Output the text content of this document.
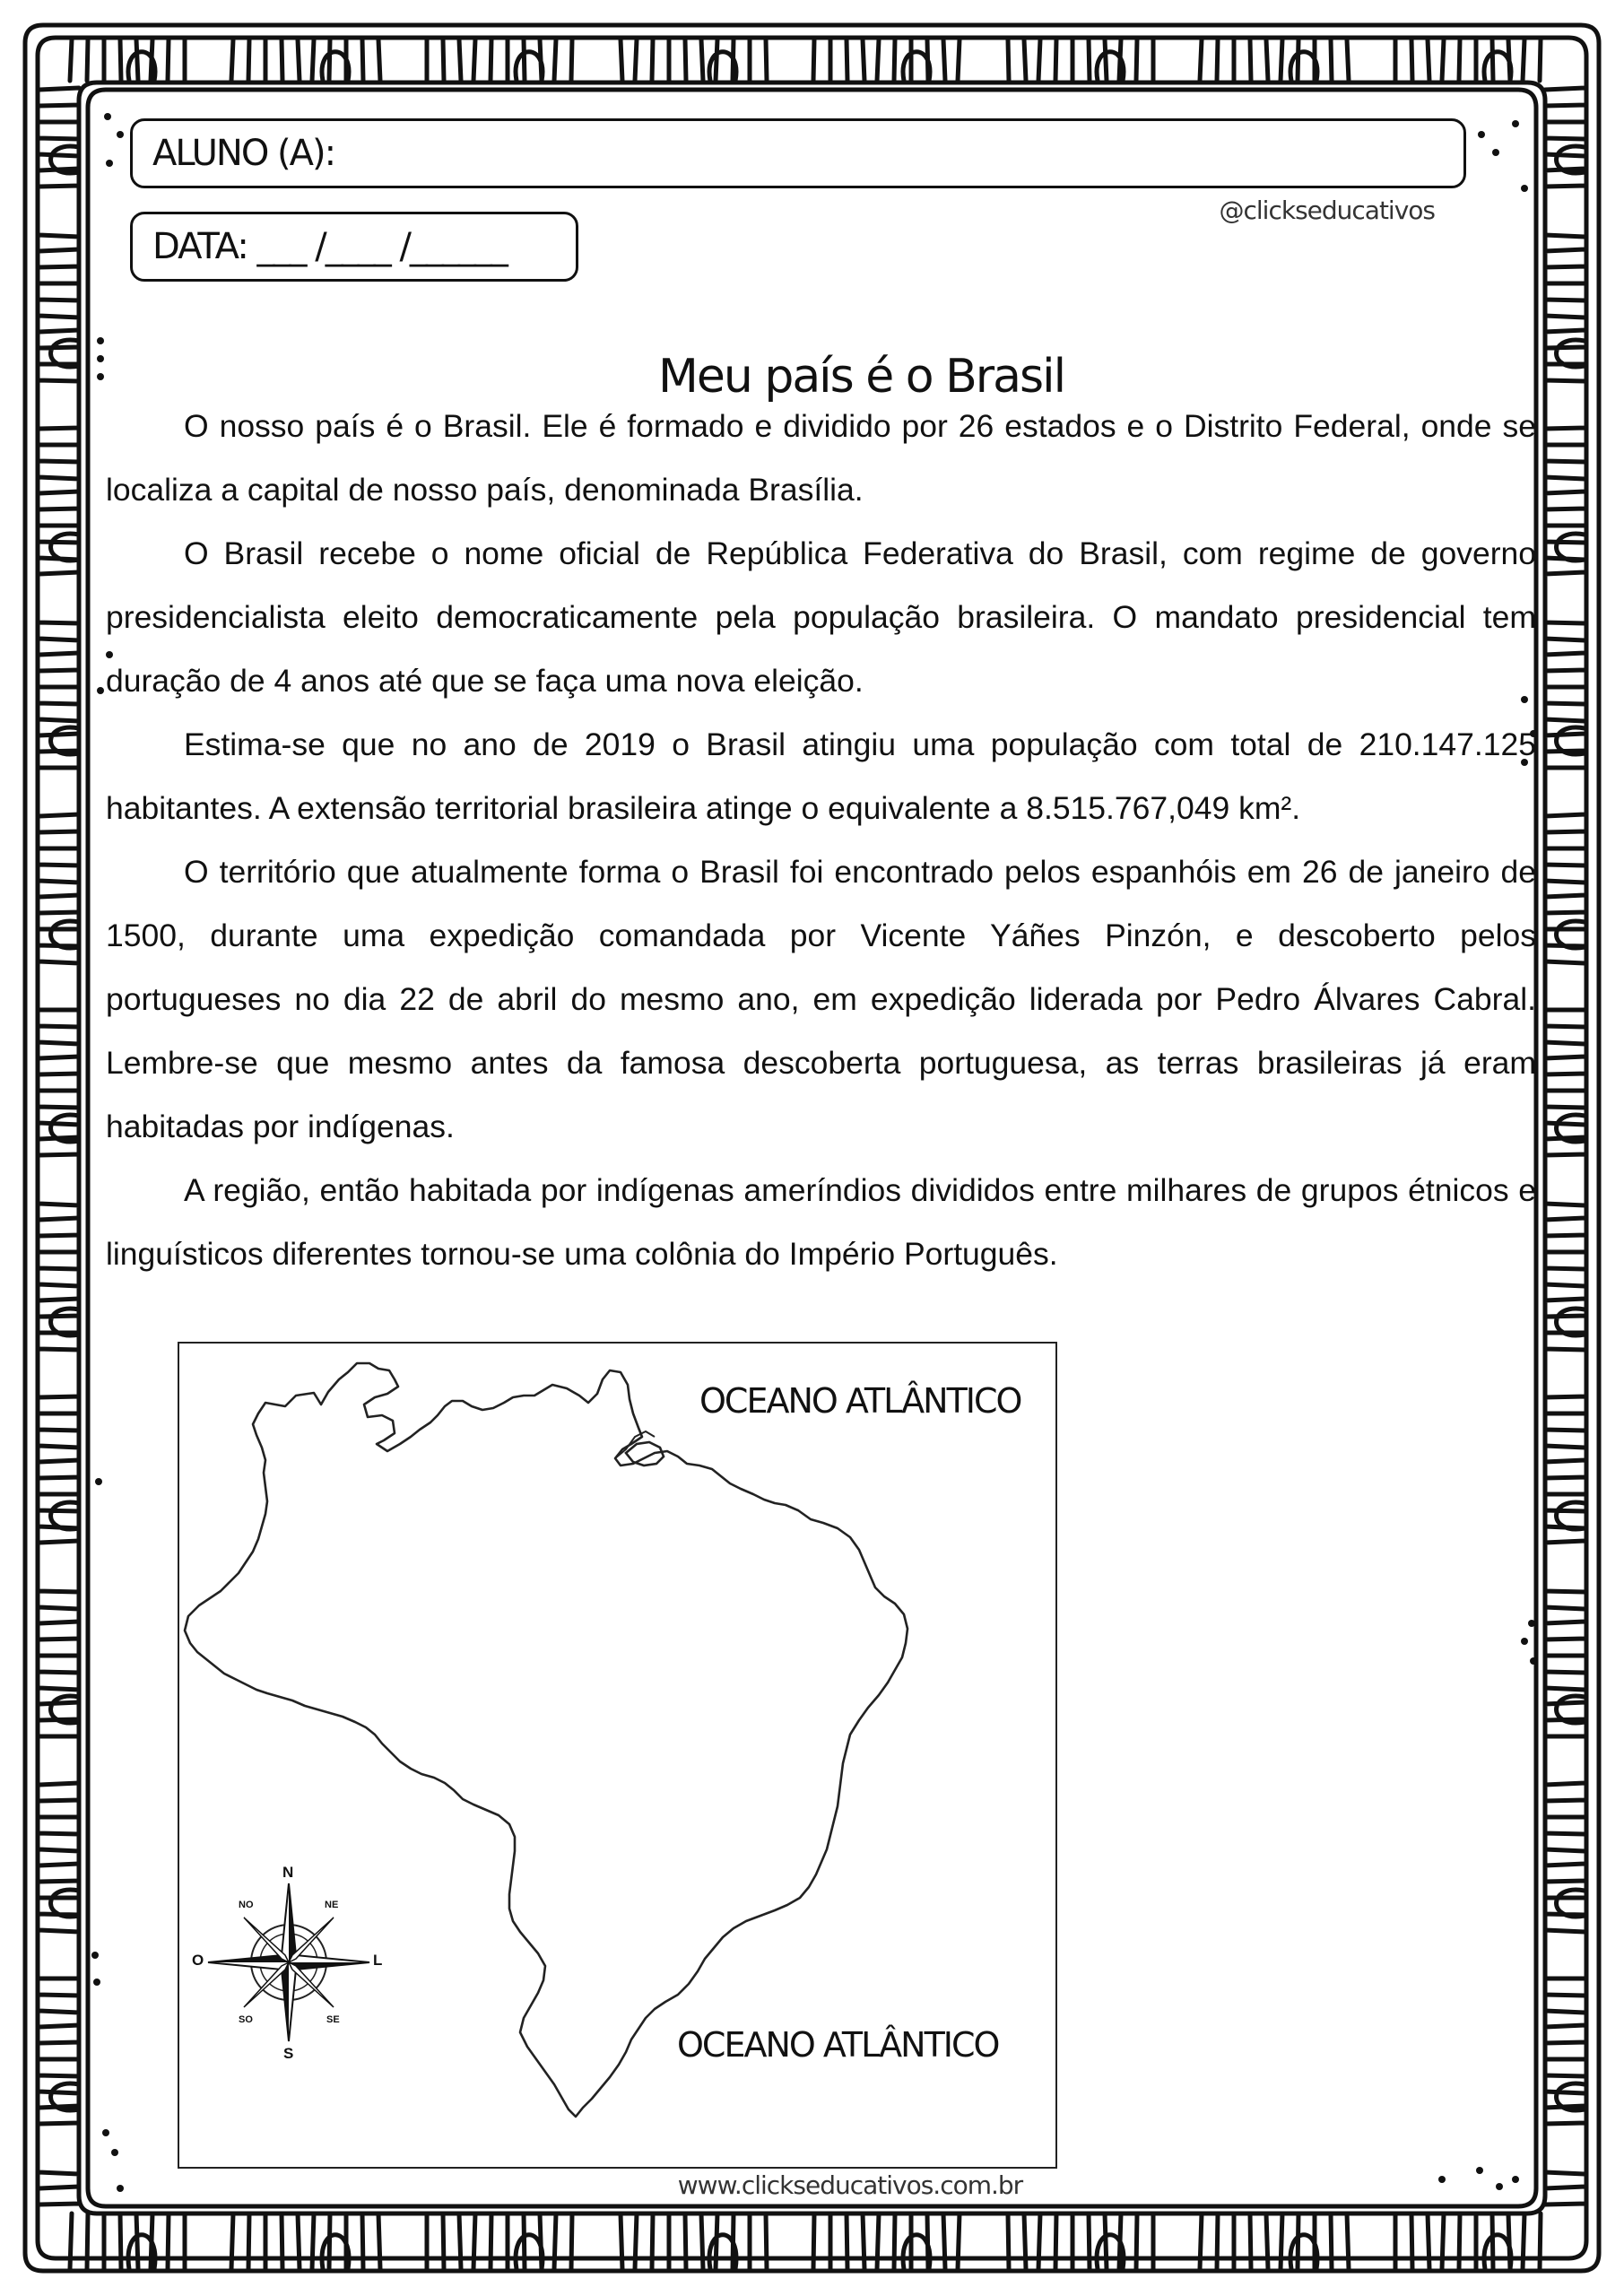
ALUNO (A):
DATA: ___ /____ /______
@clickseducativos
Meu país é o Brasil

O nosso país é o Brasil. Ele é formado e dividido por 26 estados e o Distrito Federal, onde se localiza a capital de nosso país, denominada Brasília.

O Brasil recebe o nome oficial de República Federativa do Brasil, com regime de governo presidencialista eleito democraticamente pela população brasileira. O mandato presidencial tem duração de 4 anos até que se faça uma nova eleição.

Estima-se que no ano de 2019 o Brasil atingiu uma população com total de 210.147.125 habitantes. A extensão territorial brasileira atinge o equivalente a 8.515.767,049 km².

O território que atualmente forma o Brasil foi encontrado pelos espanhóis em 26 de janeiro de 1500, durante uma expedição comandada por Vicente Yáñes Pinzón, e descoberto pelos portugueses no dia 22 de abril do mesmo ano, em expedição liderada por Pedro Álvares Cabral. Lembre-se que mesmo antes da famosa descoberta portuguesa, as terras brasileiras já eram habitadas por indígenas.

A região, então habitada por indígenas ameríndios divididos entre milhares de grupos étnicos e linguísticos diferentes tornou-se uma colônia do Império Português.

OCEANO ATLÂNTICO
OCEANO ATLÂNTICO
N
S
L
O
NE
NO
SE
SO
www.clickseducativos.com.br
